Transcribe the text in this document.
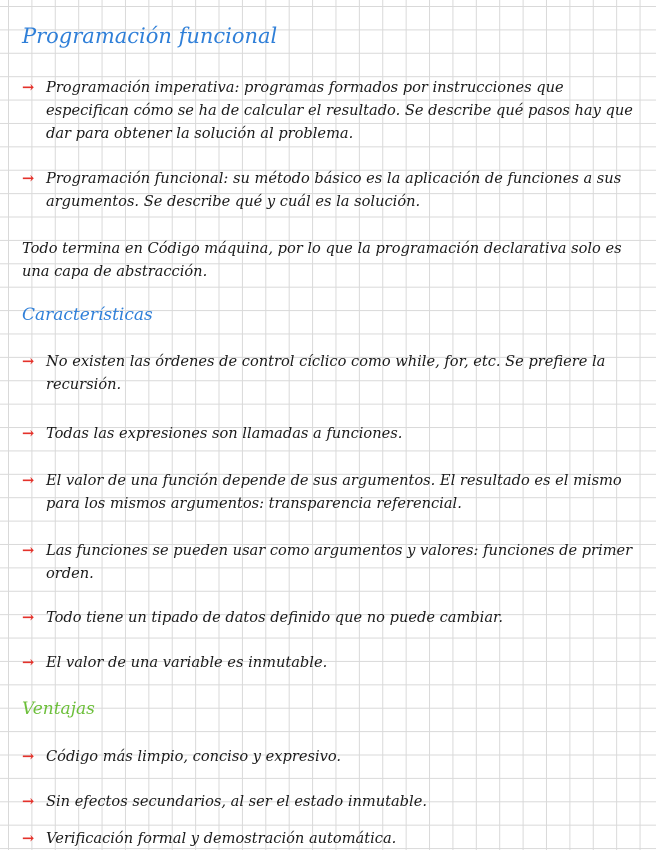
Programación funcional
→ Programación imperativa: programas formados por instrucciones que especifican cómo se ha de calcular el resultado. Se describe qué pasos hay que dar para obtener la solución al problema.
→ Programación funcional: su método básico es la aplicación de funciones a sus argumentos. Se describe qué y cuál es la solución.
Todo termina en Código máquina, por lo que la programación declarativa solo es una capa de abstracción.
Características
→ No existen las órdenes de control cíclico como while, for, etc. Se prefiere la recursión.
→ Todas las expresiones son llamadas a funciones.
→ El valor de una función depende de sus argumentos. El resultado es el mismo para los mismos argumentos: transparencia referencial.
→ Las funciones se pueden usar como argumentos y valores: funciones de primer orden.
→ Todo tiene un tipado de datos definido que no puede cambiar.
→ El valor de una variable es inmutable.
Ventajas
→ Código más limpio, conciso y expresivo.
→ Sin efectos secundarios, al ser el estado inmutable.
→ Verificación formal y demostración automática.
